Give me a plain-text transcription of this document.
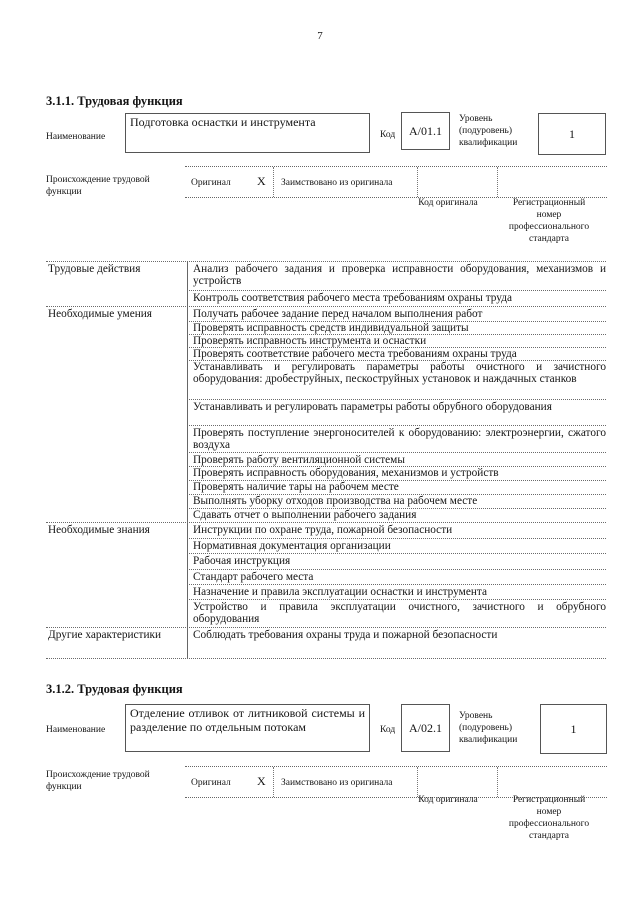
7
3.1.1. Трудовая функция
Наименование
Подготовка оснастки и инструмента
Код	А/01.1
Уровень (подуровень) квалификации
1
Происхождение трудовой функции
Оригинал X Заимствовано из оригинала
Код оригинала	Регистрационный номер профессионального стандарта
Трудовые действия	Анализ рабочего задания и проверка исправности оборудования, механизмов и устройств
Контроль соответствия рабочего места требованиям охраны труда
Необходимые умения	Получать рабочее задание перед началом выполнения работ
Проверять исправность средств индивидуальной защиты
Проверять исправность инструмента и оснастки
Проверять соответствие рабочего места требованиям охраны труда
Устанавливать и регулировать параметры работы очистного и зачистного оборудования: дробеструйных, пескоструйных установок и наждачных станков
Устанавливать и регулировать параметры работы обрубного оборудования
Проверять поступление энергоносителей к оборудованию: электроэнергии, сжатого воздуха
Проверять работу вентиляционной системы
Проверять исправность оборудования, механизмов и устройств
Проверять наличие тары на рабочем месте
Выполнять уборку отходов производства на рабочем месте
Сдавать отчет о выполнении рабочего задания
Необходимые знания	Инструкции по охране труда, пожарной безопасности
Нормативная документация организации
Рабочая инструкция
Стандарт рабочего места
Назначение и правила эксплуатации оснастки и инструмента
Устройство и правила эксплуатации очистного, зачистного и обрубного оборудования
Другие характеристики	Соблюдать требования охраны труда и пожарной безопасности
3.1.2. Трудовая функция
Наименование
Отделение отливок от литниковой системы и разделение по отдельным потокам	Код	А/02.1
Уровень (подуровень) квалификации
1
Происхождение трудовой функции	Оригинал X Заимствовано из оригинала
Код оригинала	Регистрационный номер профессионального стандарта
